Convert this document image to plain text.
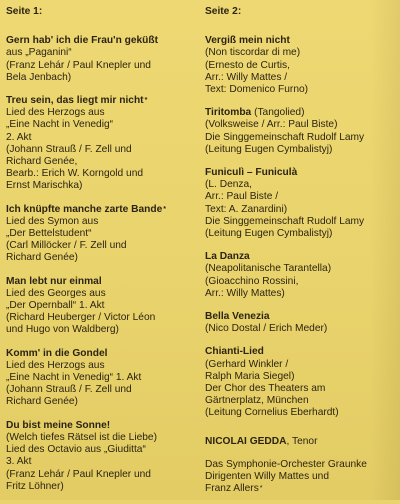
Seite 1:
Gern hab' ich die Frau'n geküßt
aus „Paganini“
(Franz Lehár / Paul Knepler und
Bela Jenbach)
Treu sein, das liegt mir nicht*
Lied des Herzogs aus
„Eine Nacht in Venedig“
2. Akt
(Johann Strauß / F. Zell und
Richard Genée,
Bearb.: Erich W. Korngold und
Ernst Marischka)
Ich knüpfte manche zarte Bande*
Lied des Symon aus
„Der Bettelstudent“
(Carl Millöcker / F. Zell und
Richard Genée)
Man lebt nur einmal
Lied des Georges aus
„Der Opernball“ 1. Akt
(Richard Heuberger / Victor Léon
und Hugo von Waldberg)
Komm' in die Gondel
Lied des Herzogs aus
„Eine Nacht in Venedig“ 1. Akt
(Johann Strauß / F. Zell und
Richard Genée)
Du bist meine Sonne!
(Welch tiefes Rätsel ist die Liebe)
Lied des Octavio aus „Giuditta“
3. Akt
(Franz Lehár / Paul Knepler und
Fritz Löhner)
Seite 2:
Vergiß mein nicht
(Non tiscordar di me)
(Ernesto de Curtis,
Arr.: Willy Mattes /
Text: Domenico Furno)
Tiritomba (Tangolied)
(Volksweise / Arr.: Paul Biste)
Die Singgemeinschaft Rudolf Lamy
(Leitung Eugen Cymbalistyj)
Funiculì – Funiculà
(L. Denza,
Arr.: Paul Biste /
Text: A. Zanardini)
Die Singgemeinschaft Rudolf Lamy
(Leitung Eugen Cymbalistyj)
La Danza
(Neapolitanische Tarantella)
(Gioacchino Rossini,
Arr.: Willy Mattes)
Bella Venezia
(Nico Dostal / Erich Meder)
Chianti-Lied
(Gerhard Winkler /
Ralph Maria Siegel)
Der Chor des Theaters am
Gärtnerplatz, München
(Leitung Cornelius Eberhardt)
NICOLAI GEDDA, Tenor
Das Symphonie-Orchester Graunke
Dirigenten Willy Mattes und
Franz Allers*
